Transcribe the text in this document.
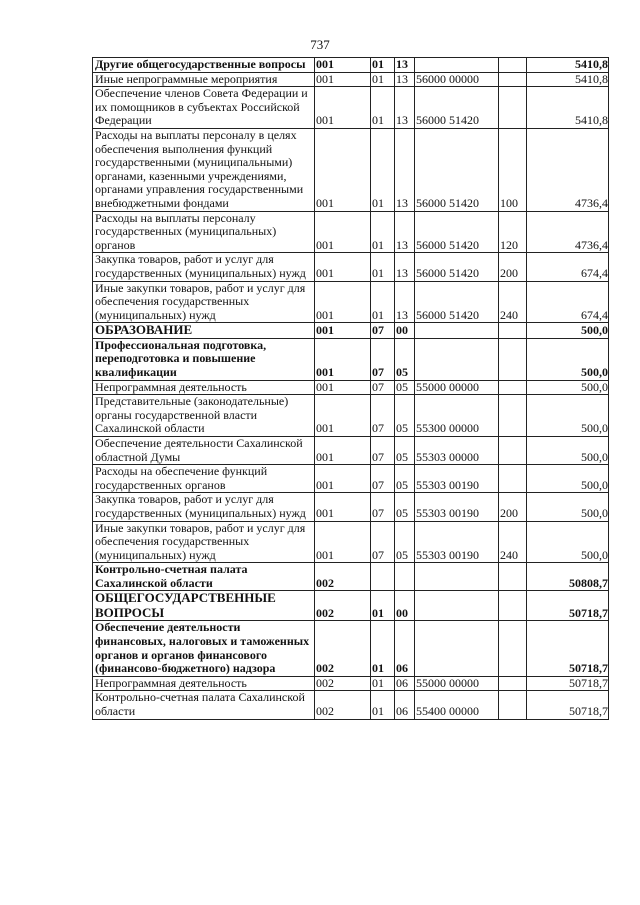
737
Другие общегосударственные вопросы	001	01	13			5410,8
Иные непрограммные мероприятия	001	01	13	56000 00000		5410,8
Обеспечение членов Совета Федерации и их помощников в субъектах Российской Федерации	001	01	13	56000 51420		5410,8
Расходы на выплаты персоналу в целях обеспечения выполнения функций государственными (муниципальными) органами, казенными учреждениями, органами управления государственными внебюджетными фондами	001	01	13	56000 51420	100	4736,4
Расходы на выплаты персоналу государственных (муниципальных) органов	001	01	13	56000 51420	120	4736,4
Закупка товаров, работ и услуг для государственных (муниципальных) нужд	001	01	13	56000 51420	200	674,4
Иные закупки товаров, работ и услуг для обеспечения государственных (муниципальных) нужд	001	01	13	56000 51420	240	674,4
ОБРАЗОВАНИЕ	001	07	00			500,0
Профессиональная подготовка, переподготовка и повышение квалификации	001	07	05			500,0
Непрограммная деятельность	001	07	05	55000 00000		500,0
Представительные (законодательные) органы государственной власти Сахалинской области	001	07	05	55300 00000		500,0
Обеспечение деятельности Сахалинской областной Думы	001	07	05	55303 00000		500,0
Расходы на обеспечение функций государственных органов	001	07	05	55303 00190		500,0
Закупка товаров, работ и услуг для государственных (муниципальных) нужд	001	07	05	55303 00190	200	500,0
Иные закупки товаров, работ и услуг для обеспечения государственных (муниципальных) нужд	001	07	05	55303 00190	240	500,0
Контрольно-счетная палата Сахалинской области	002					50808,7
ОБЩЕГОСУДАРСТВЕННЫЕ ВОПРОСЫ	002	01	00			50718,7
Обеспечение деятельности финансовых, налоговых и таможенных органов и органов финансового (финансово-бюджетного) надзора	002	01	06			50718,7
Непрограммная деятельность	002	01	06	55000 00000		50718,7
Контрольно-счетная палата Сахалинской области	002	01	06	55400 00000		50718,7
